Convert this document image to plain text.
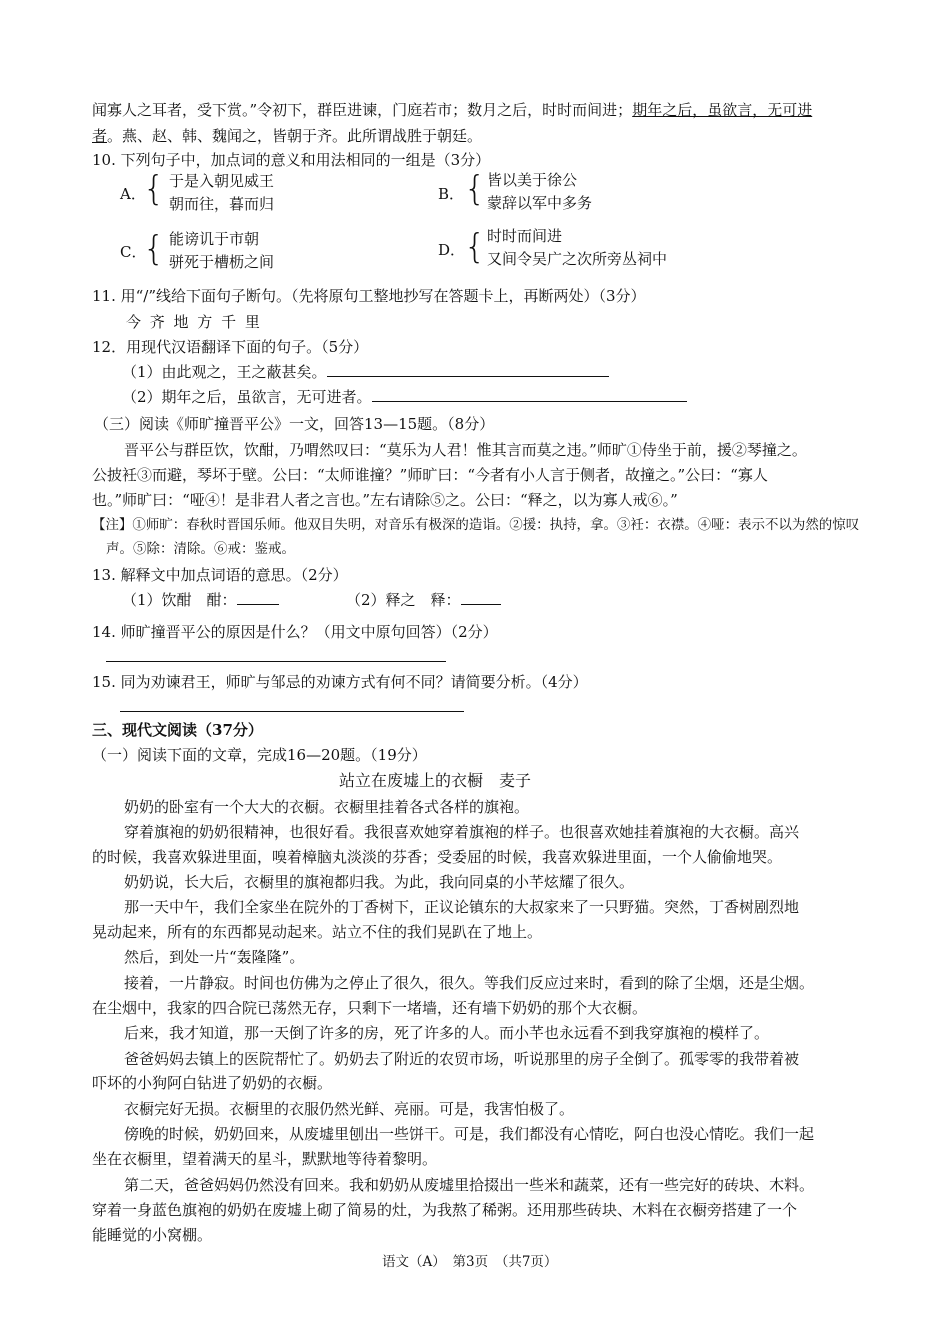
闻寡人之耳者，受下赏。”令初下，群臣进谏，门庭若市；数月之后，时时而间进；期年之后，虽欲言，无可进
者。燕、赵、韩、魏闻之，皆朝于齐。此所谓战胜于朝廷。
10. 下列句子中，加点词的意义和用法相同的一组是（3分）
A．
{ 于是入朝见威王
朝而往，暮而归
B． { 皆以美于徐公
蒙辞以军中多务
C．
{ 能谤讥于市朝
骈死于槽枥之间
D．
{ 时时而间进
又间令吴广之次所旁丛祠中
11. 用“/”线给下面句子断句。（先将原句工整地抄写在答题卡上，再断两处）（3分）
今 齐 地 方 千 里
12．用现代汉语翻译下面的句子。（5分）
（1）由此观之，王之蔽甚矣。
（2）期年之后，虽欲言，无可进者。
（三）阅读《师旷撞晋平公》一文，回答13—15题。（8分）
晋平公与群臣饮，饮酣，乃喟然叹曰：“莫乐为人君！惟其言而莫之违。”师旷①侍坐于前，援②琴撞之。
公披衽③而避，琴坏于壁。公曰：“太师谁撞？”师旷曰：“今者有小人言于侧者，故撞之。”公曰：“寡人
也。”师旷曰：“哑④！是非君人者之言也。”左右请除⑤之。公曰：“释之，以为寡人戒⑥。”
【注】①师旷：春秋时晋国乐师。他双目失明，对音乐有极深的造诣。②援：执持，拿。③衽：衣襟。④哑：表示不以为然的惊叹
声。⑤除：清除。⑥戒：鉴戒。
13. 解释文中加点词语的意思。（2分）
（1）饮酣　酣：	（2）释之　释：
14. 师旷撞晋平公的原因是什么？（用文中原句回答）（2分）
15. 同为劝谏君王，师旷与邹忌的劝谏方式有何不同？请简要分析。（4分）
三、现代文阅读（37分）
（一）阅读下面的文章，完成16—20题。（19分）
站立在废墟上的衣橱　麦子
奶奶的卧室有一个大大的衣橱。衣橱里挂着各式各样的旗袍。
穿着旗袍的奶奶很精神，也很好看。我很喜欢她穿着旗袍的样子。也很喜欢她挂着旗袍的大衣橱。高兴
的时候，我喜欢躲进里面，嗅着樟脑丸淡淡的芬香；受委屈的时候，我喜欢躲进里面，一个人偷偷地哭。
奶奶说，长大后，衣橱里的旗袍都归我。为此，我向同桌的小芊炫耀了很久。
那一天中午，我们全家坐在院外的丁香树下，正议论镇东的大叔家来了一只野猫。突然，丁香树剧烈地
晃动起来，所有的东西都晃动起来。站立不住的我们晃趴在了地上。
然后，到处一片“轰隆隆”。
接着，一片静寂。时间也仿佛为之停止了很久，很久。等我们反应过来时，看到的除了尘烟，还是尘烟。
在尘烟中，我家的四合院已荡然无存，只剩下一堵墙，还有墙下奶奶的那个大衣橱。
后来，我才知道，那一天倒了许多的房，死了许多的人。而小芊也永远看不到我穿旗袍的模样了。
爸爸妈妈去镇上的医院帮忙了。奶奶去了附近的农贸市场，听说那里的房子全倒了。孤零零的我带着被
吓坏的小狗阿白钻进了奶奶的衣橱。
衣橱完好无损。衣橱里的衣服仍然光鲜、亮丽。可是，我害怕极了。
傍晚的时候，奶奶回来，从废墟里刨出一些饼干。可是，我们都没有心情吃，阿白也没心情吃。我们一起
坐在衣橱里，望着满天的星斗，默默地等待着黎明。
第二天，爸爸妈妈仍然没有回来。我和奶奶从废墟里拾掇出一些米和蔬菜，还有一些完好的砖块、木料。
穿着一身蓝色旗袍的奶奶在废墟上砌了简易的灶，为我熬了稀粥。还用那些砖块、木料在衣橱旁搭建了一个
能睡觉的小窝棚。
语文（A）　第3页　（共7页）
